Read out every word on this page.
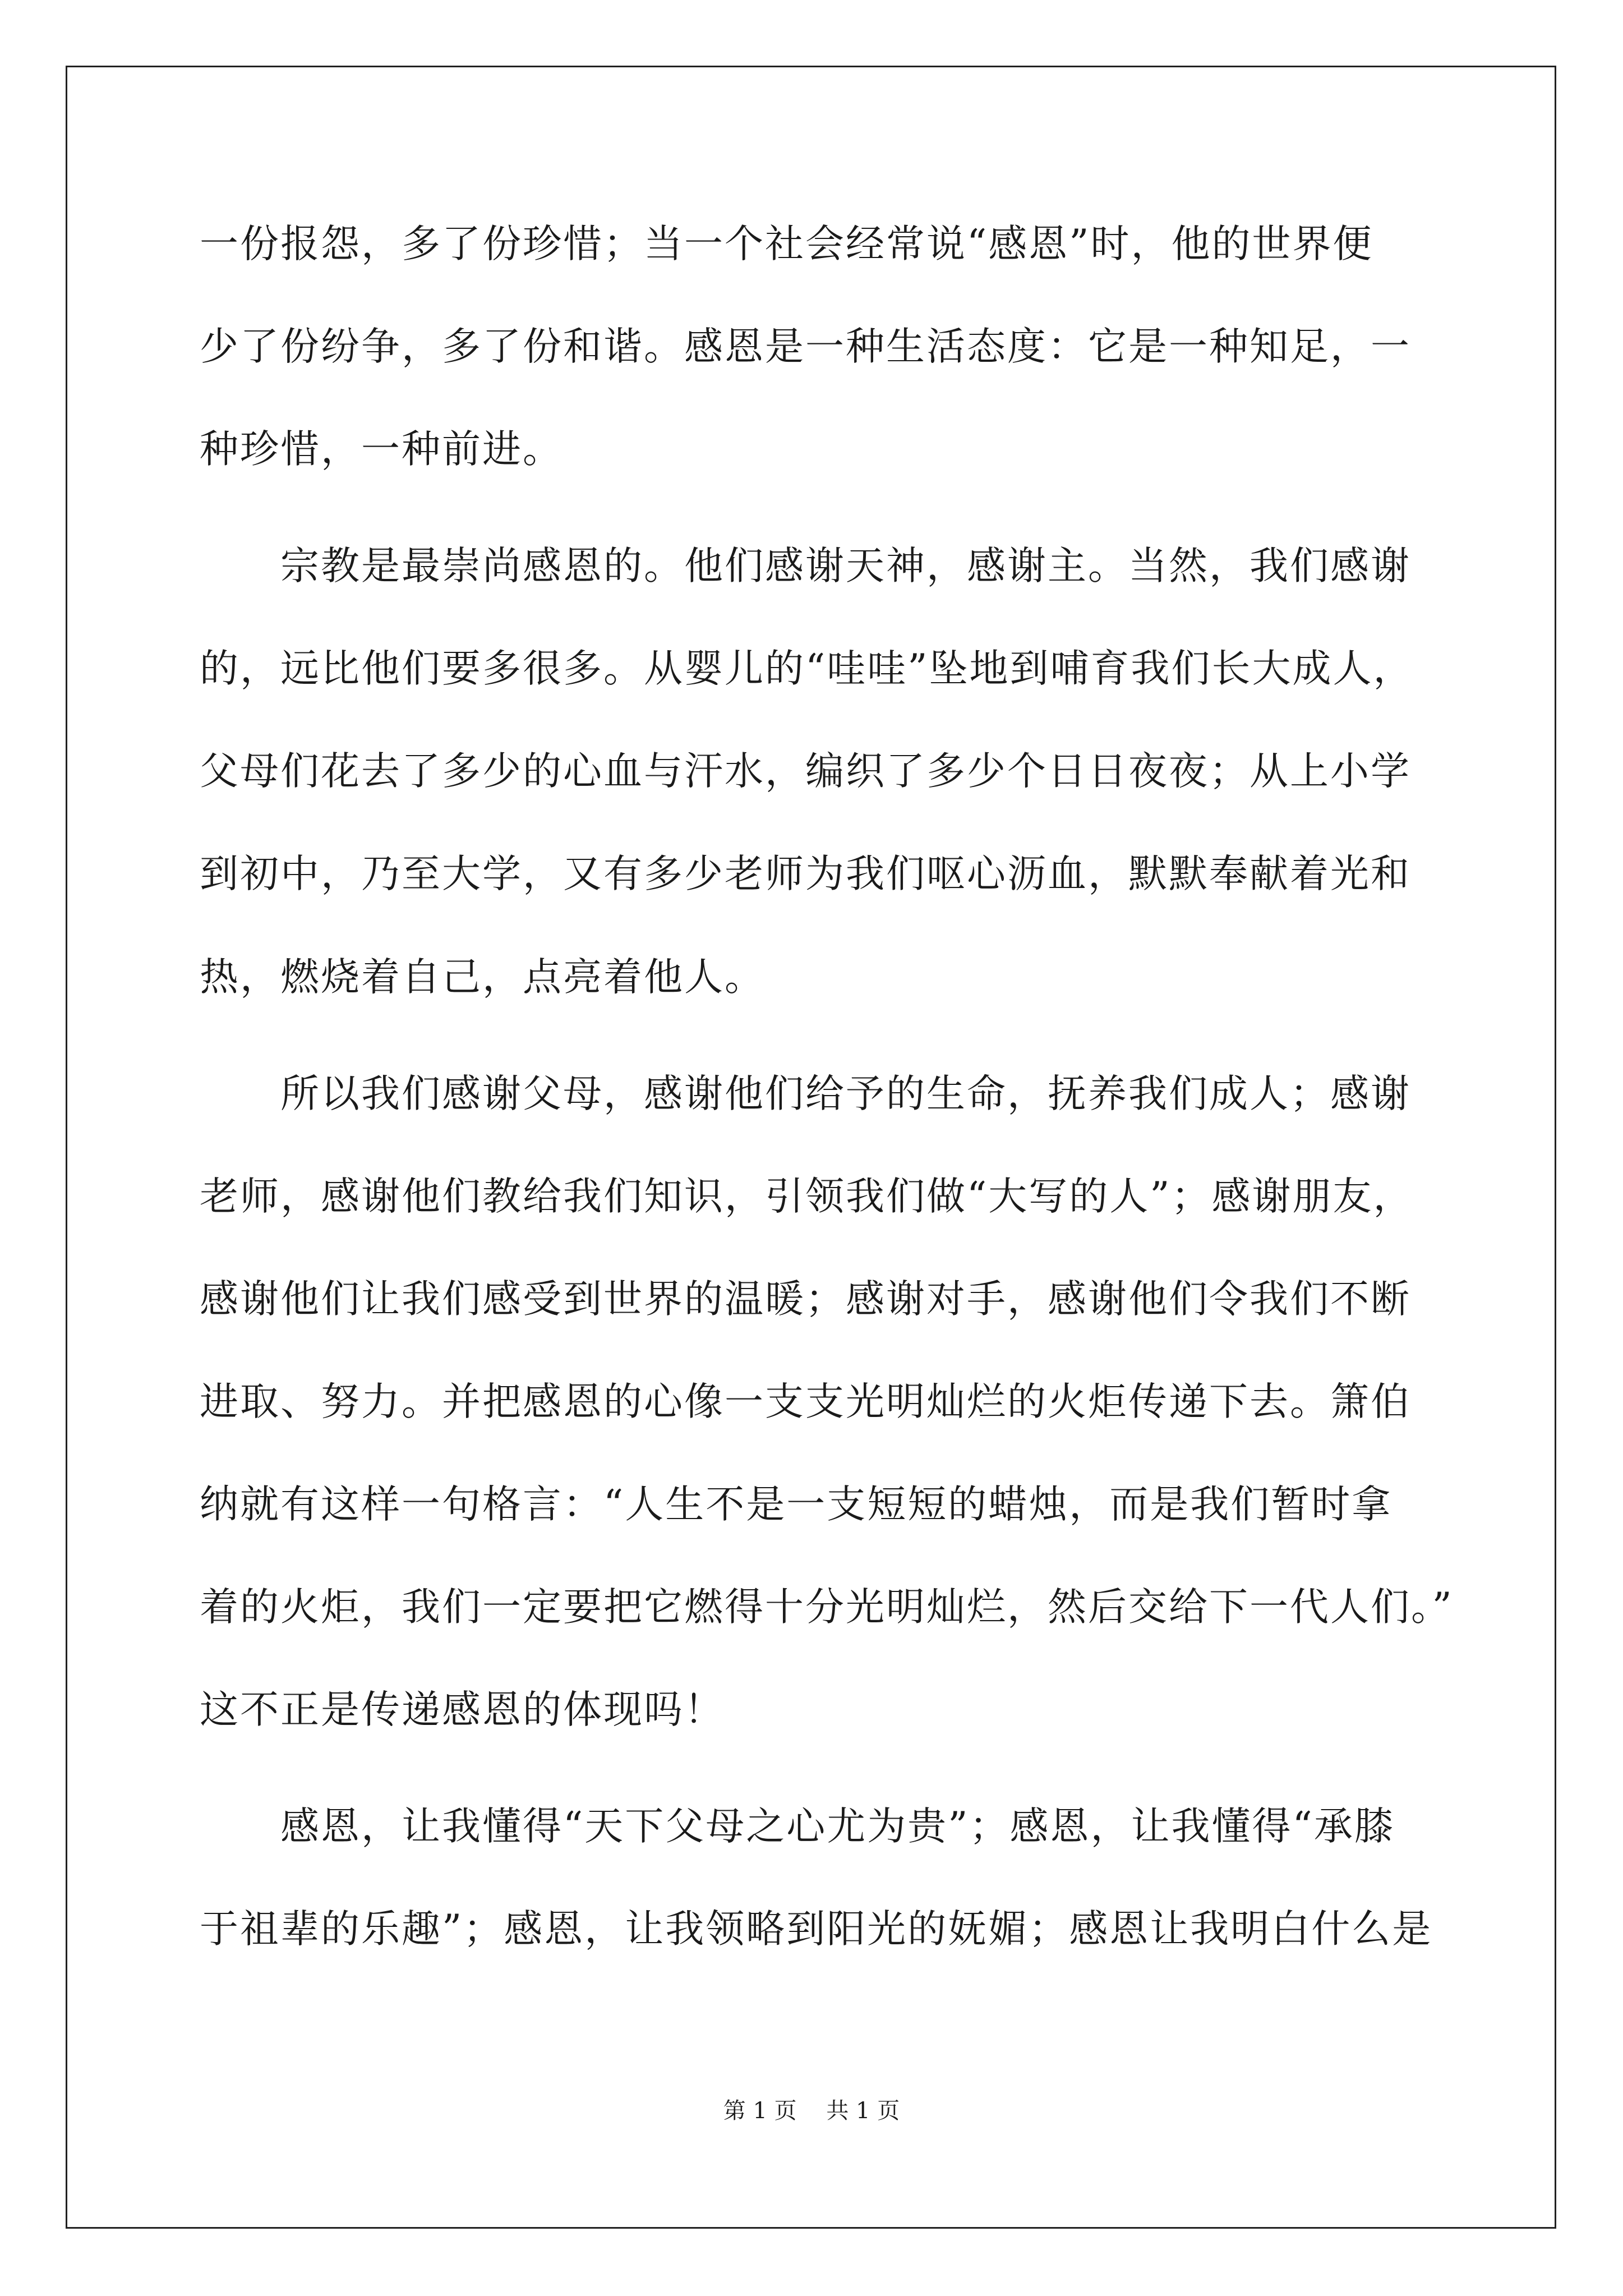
一份报怨，多了份珍惜；当一个社会经常说“感恩”时，他的世界便
少了份纷争，多了份和谐。感恩是一种生活态度：它是一种知足，一
种珍惜，一种前进。
　　宗教是最崇尚感恩的。他们感谢天神，感谢主。当然，我们感谢
的，远比他们要多很多。从婴儿的“哇哇”坠地到哺育我们长大成人，
父母们花去了多少的心血与汗水，编织了多少个日日夜夜；从上小学
到初中，乃至大学，又有多少老师为我们呕心沥血，默默奉献着光和
热，燃烧着自己，点亮着他人。
　　所以我们感谢父母，感谢他们给予的生命，抚养我们成人；感谢
老师，感谢他们教给我们知识，引领我们做“大写的人”；感谢朋友，
感谢他们让我们感受到世界的温暖；感谢对手，感谢他们令我们不断
进取、努力。并把感恩的心像一支支光明灿烂的火炬传递下去。箫伯
纳就有这样一句格言：“人生不是一支短短的蜡烛，而是我们暂时拿
着的火炬，我们一定要把它燃得十分光明灿烂，然后交给下一代人们。”
这不正是传递感恩的体现吗！
　　感恩，让我懂得“天下父母之心尤为贵”；感恩，让我懂得“承膝
于祖辈的乐趣”；感恩，让我领略到阳光的妩媚；感恩让我明白什么是
第 1 页　 共 1 页
